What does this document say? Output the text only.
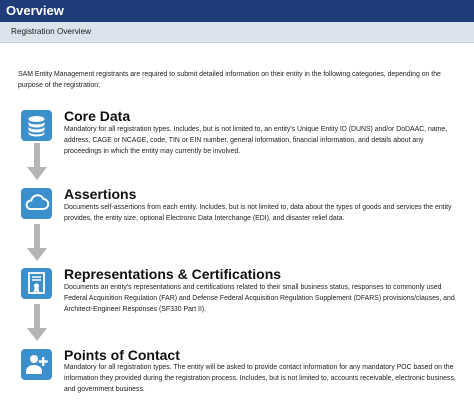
Overview
Registration Overview
SAM Entity Management registrants are required to submit detailed information on their entity in the following categories, depending on the purpose of the registration:
Core Data
Mandatory for all registration types. Includes, but is not limited to, an entity's Unique Entity ID (DUNS) and/or DoDAAC, name, address, CAGE or NCAGE, code, TIN or EIN number, general information, financial information, and details about any proceedings in which the entity may currently be involved.
Assertions
Documents self-assertions from each entity. Includes, but is not limited to, data about the types of goods and services the entity provides, the entity size, optional Electronic Data Interchange (EDI), and disaster relief data.
Representations & Certifications
Documents an entity's representations and certifications related to their small business status, responses to commonly used Federal Acquisition Regulation (FAR) and Defense Federal Acquisition Regulation Supplement (DFARS) provisions/clauses, and Architect-Engineer Responses (SF330 Part II).
Points of Contact
Mandatory for all registration types. The entity will be asked to provide contact information for any mandatory POC based on the information they provided during the registration process. Includes, but is not limited to, accounts receivable, electronic business, and government business.
